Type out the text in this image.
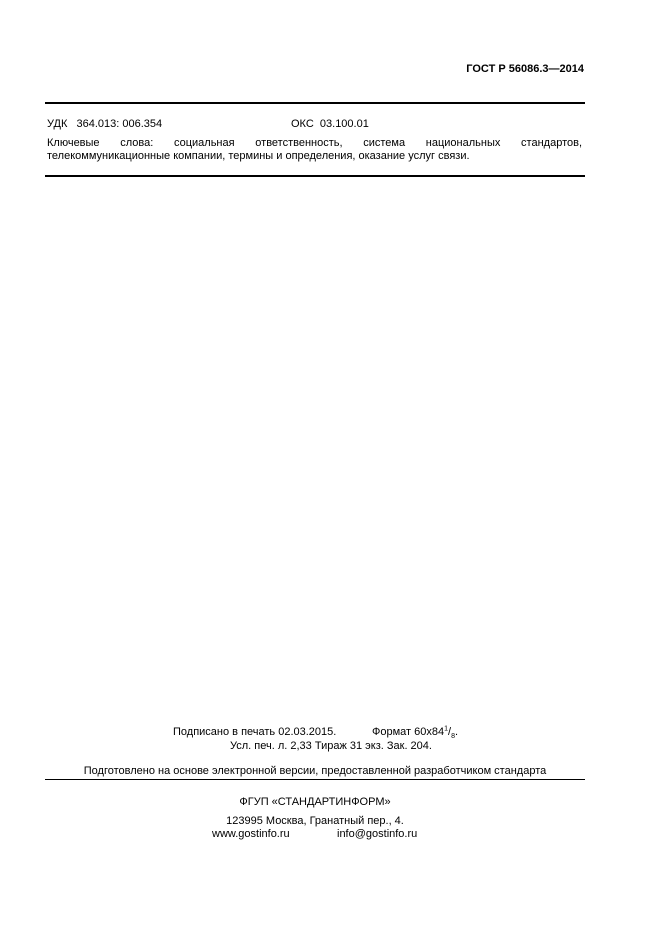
ГОСТ Р 56086.3—2014
УДК   364.013: 006.354	ОКС  03.100.01
Ключевые слова: социальная ответственность, система национальных стандартов, телекоммуникационные компании, термины и определения, оказание услуг связи.
Подписано в печать 02.03.2015.	Формат $60x84^1/_8$.
Усл. печ. л. 2,33 Тираж 31 экз. Зак. 204.
Подготовлено на основе электронной версии, предоставленной разработчиком стандарта
ФГУП «СТАНДАРТИНФОРМ»
123995 Москва, Гранатный пер., 4.
www.gostinfo.ru	info@gostinfo.ru
